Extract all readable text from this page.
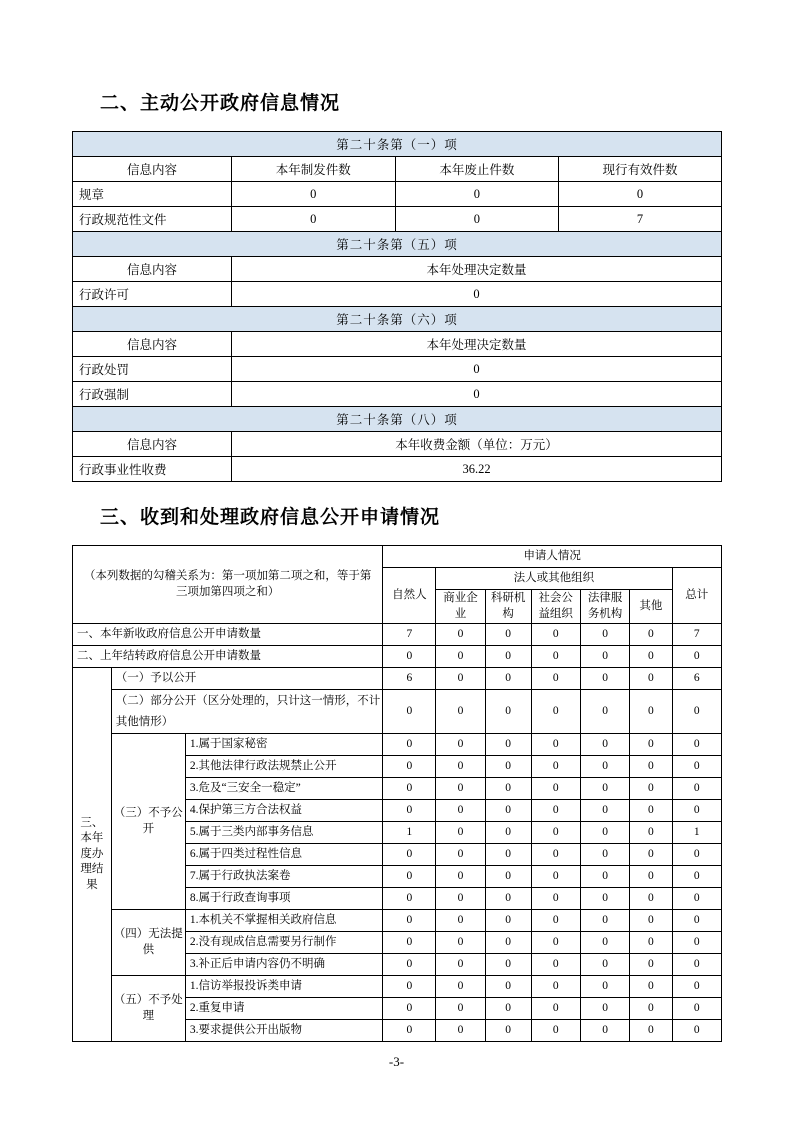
二、主动公开政府信息情况
第二十条第（一）项			
信息内容	本年制发件数	本年废止件数	现行有效件数
规章	0	0	0
行政规范性文件	0	0	7
第二十条第（五）项			
信息内容	本年处理决定数量		
行政许可	0		
第二十条第（六）项			
信息内容	本年处理决定数量		
行政处罚	0		
行政强制	0		
第二十条第（八）项			
信息内容	本年收费金额（单位：万元）		
行政事业性收费	36.22		
三、收到和处理政府信息公开申请情况
（本列数据的勾稽关系为：第一项加第二项之和，等于第三项加第四项之和）			申请人情况						
			自然人	法人或其他组织					总计
				商业企业	科研机构	社会公益组织	法律服务机构	其他	
一、本年新收政府信息公开申请数量			7	0	0	0	0	0	7
二、上年结转政府信息公开申请数量			0	0	0	0	0	0	0
三、本年度办理结果	（一）予以公开		6	0	0	0	0	0	6
	（二）部分公开（区分处理的，只计这一情形，不计其他情形）		0	0	0	0	0	0	0
	（三）不予公开	1.属于国家秘密	0	0	0	0	0	0	0
		2.其他法律行政法规禁止公开	0	0	0	0	0	0	0
		3.危及“三安全一稳定”	0	0	0	0	0	0	0
		4.保护第三方合法权益	0	0	0	0	0	0	0
		5.属于三类内部事务信息	1	0	0	0	0	0	1
		6.属于四类过程性信息	0	0	0	0	0	0	0
		7.属于行政执法案卷	0	0	0	0	0	0	0
		8.属于行政查询事项	0	0	0	0	0	0	0
	（四）无法提供	1.本机关不掌握相关政府信息	0	0	0	0	0	0	0
		2.没有现成信息需要另行制作	0	0	0	0	0	0	0
		3.补正后申请内容仍不明确	0	0	0	0	0	0	0
	（五）不予处理	1.信访举报投诉类申请	0	0	0	0	0	0	0
		2.重复申请	0	0	0	0	0	0	0
		3.要求提供公开出版物	0	0	0	0	0	0	0
-3-
